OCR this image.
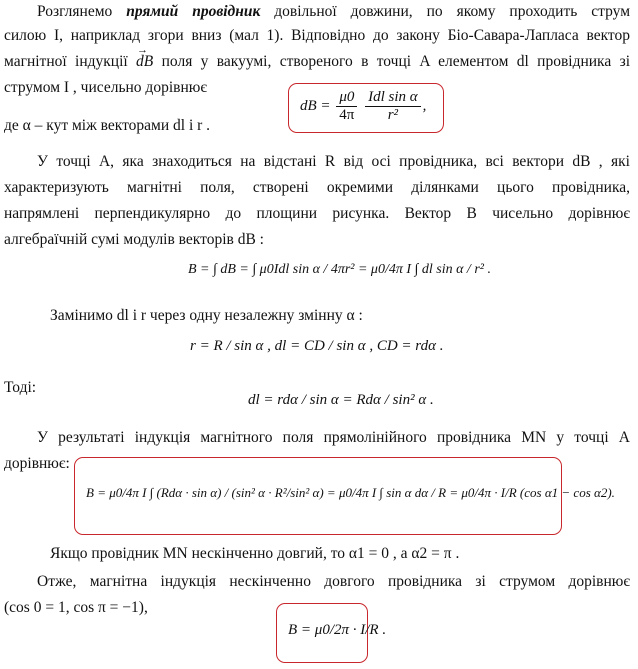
Розглянемо прямий провідник довільної довжини, по якому проходить струм
силою I, наприклад згори вниз (мал 1). Відповідно до закону Біо-Савара-Лапласа вектор
магнітної індукції → dB поля у вакуумі, створеного в точці A елементом dl провідника зі
струмом I , чисельно дорівнює
dB = $\frac{\mu 0}{4\pi}$
$\frac{\text{Idl sin α}}{\text{r²}}$ ,
де α – кут між векторами dl і r .
У точці A, яка знаходиться на відстані R від осі провідника, всі вектори dB , які
характеризують магнітні поля, створені окремими ділянками цього провідника,
напрямлені перпендикулярно до площини рисунка. Вектор B чисельно дорівнює
алгебраїчній сумі модулів векторів dB :
B = ∫ dB = ∫ μ0Idl sin α / 4πr² = μ0/4π I ∫ dl sin α / r² .
Замінимо dl і r через одну незалежну змінну α :
r = R / sin α , dl = CD / sin α , CD = rdα .
Тоді:
dl = rdα / sin α = Rdα / sin² α .
У результаті індукція магнітного поля прямолінійного провідника MN у точці A
дорівнює:
B = μ0/4π I ∫ (Rdα · sin α) / (sin² α · R²/sin² α) = μ0/4π I ∫ sin α dα / R = μ0/4π · I/R (cos α1 − cos α2).
Якщо провідник MN нескінченно довгий, то α1 = 0 , а α2 = π .
Отже, магнітна індукція нескінченно довгого провідника зі струмом дорівнює
(cos 0 = 1, cos π = −1),
B = μ0/2π · I/R .
